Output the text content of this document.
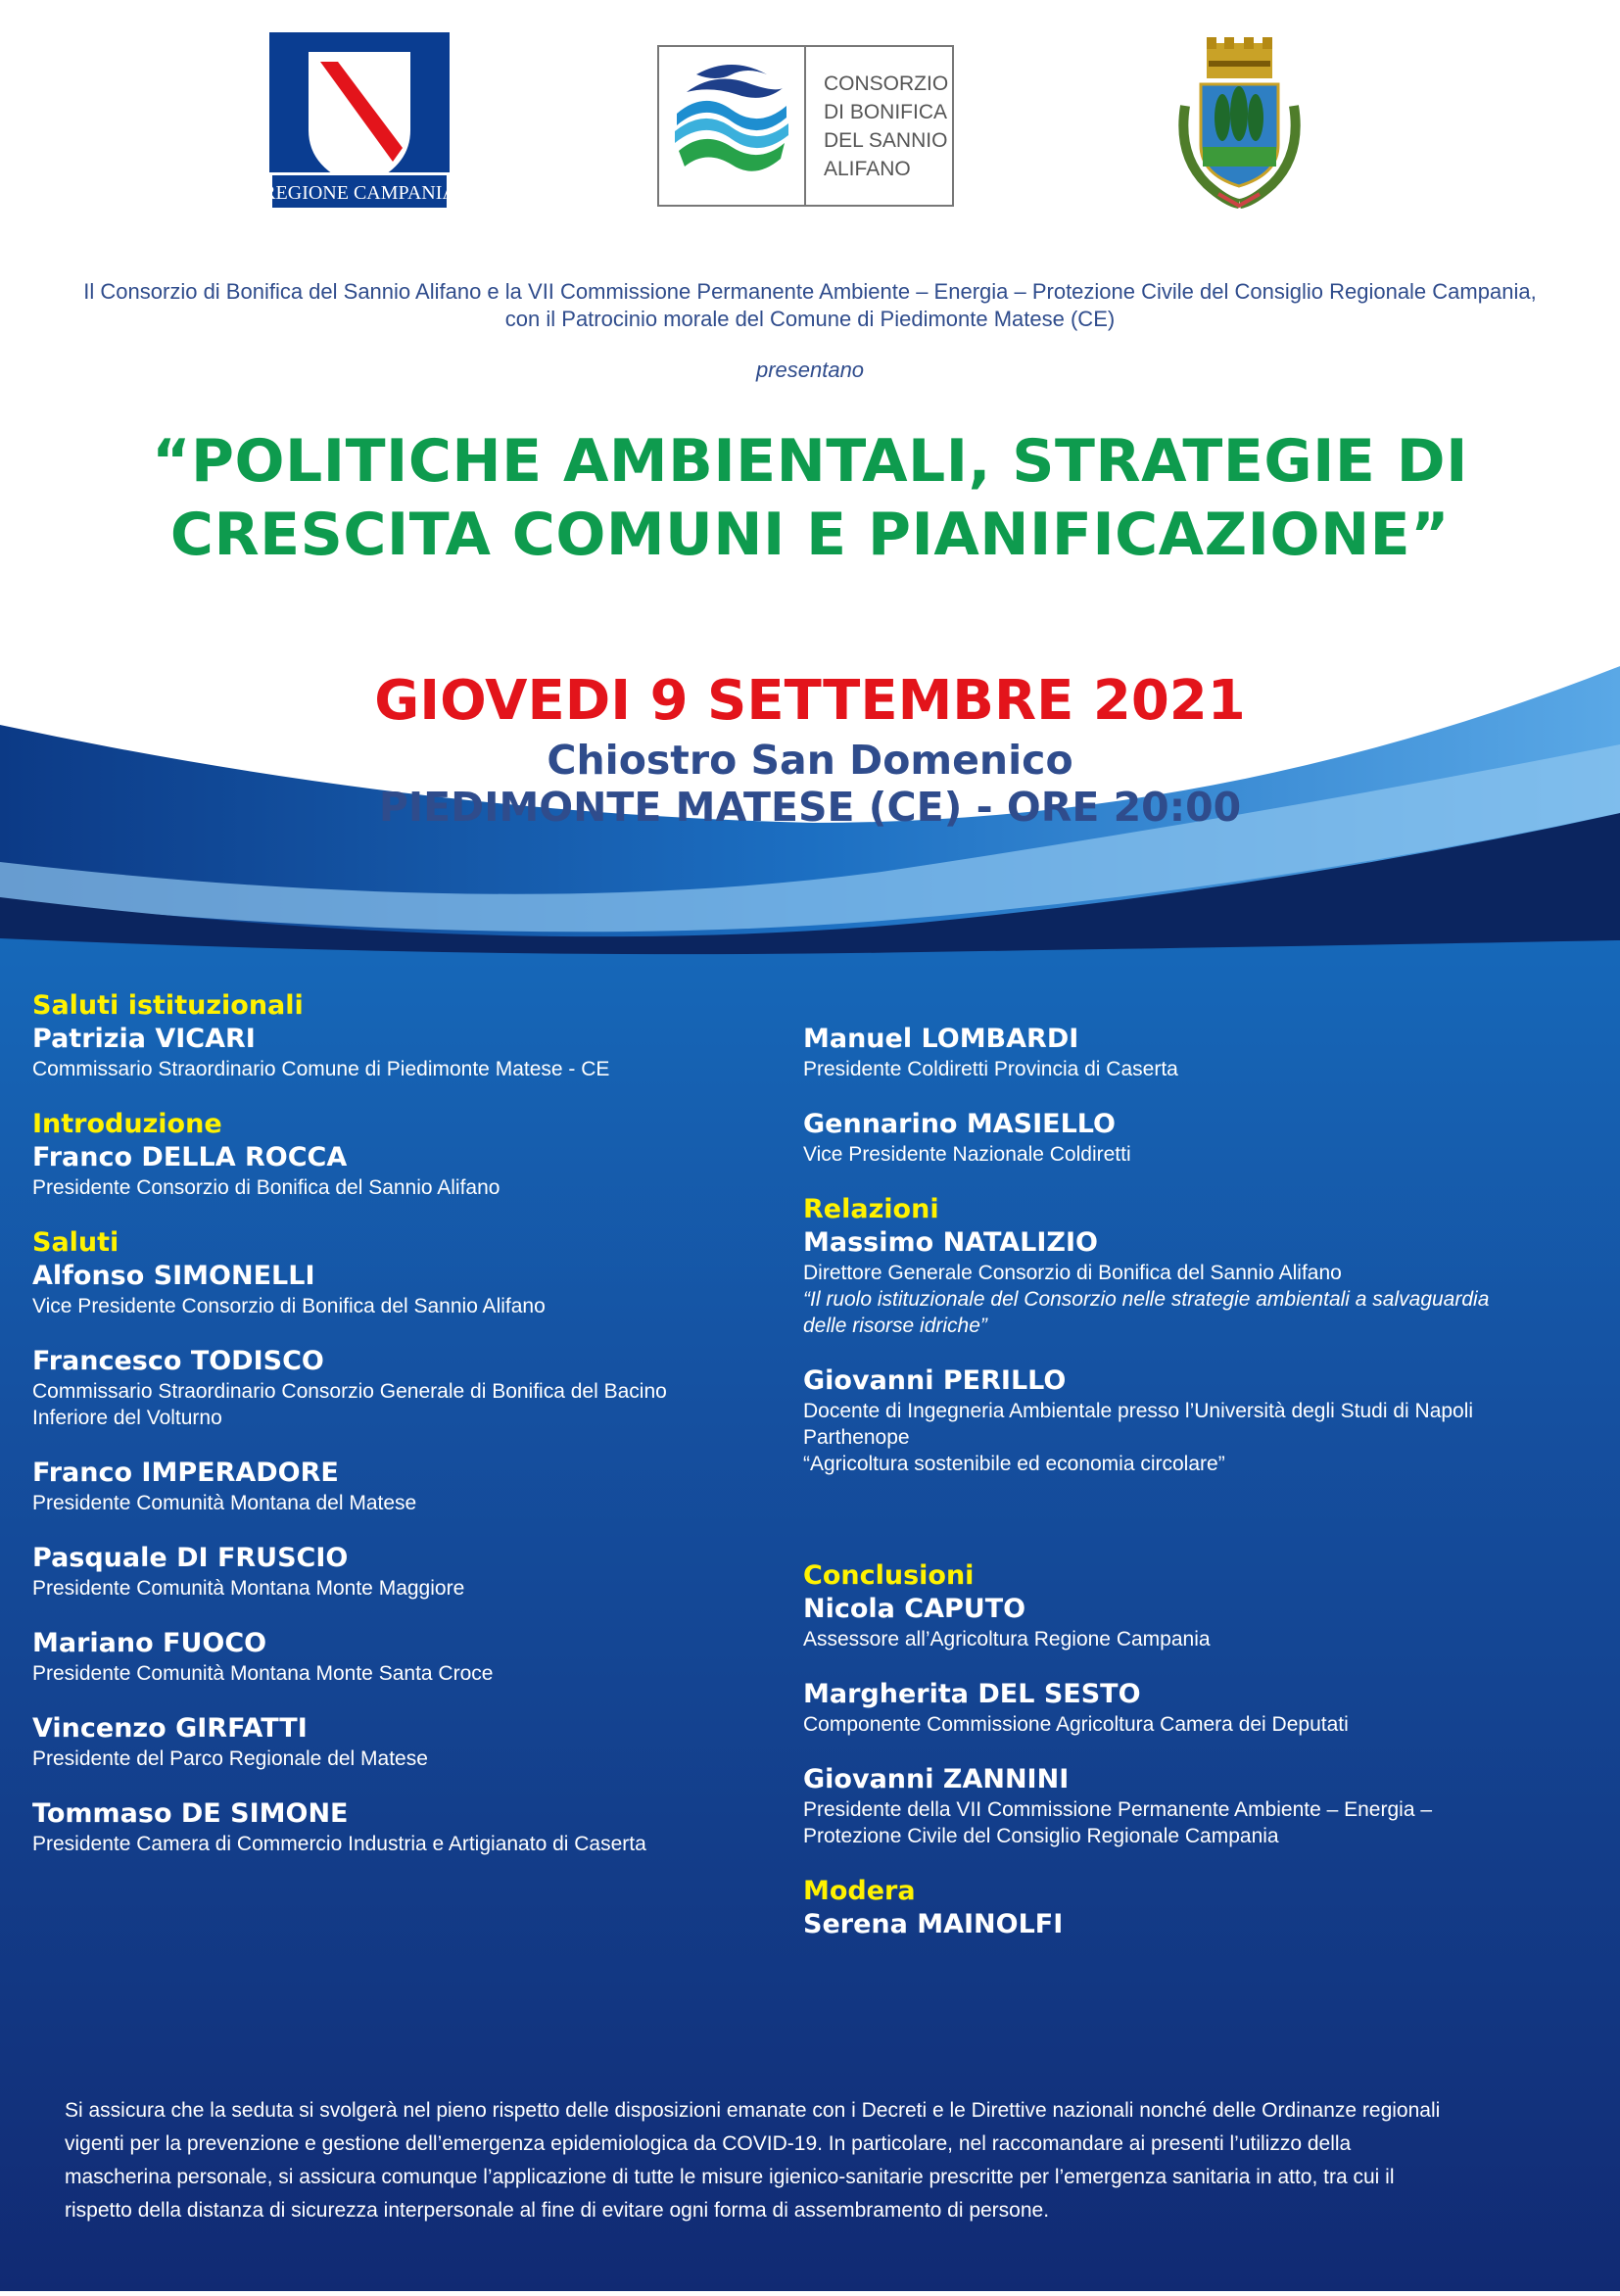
REGIONE CAMPANIA
CONSORZIO
DI BONIFICA
DEL SANNIO
ALIFANO
Il Consorzio di Bonifica del Sannio Alifano e la VII Commissione Permanente Ambiente – Energia – Protezione Civile del Consiglio Regionale Campania,
con il Patrocinio morale del Comune di Piedimonte Matese (CE)
presentano
“POLITICHE AMBIENTALI, STRATEGIE DI
CRESCITA COMUNI E PIANIFICAZIONE”
GIOVEDI 9 SETTEMBRE 2021
Chiostro San Domenico
PIEDIMONTE MATESE (CE) - ORE 20:00
Saluti istituzionali
Patrizia VICARI
Commissario Straordinario Comune di Piedimonte Matese - CE
Introduzione
Franco DELLA ROCCA
Presidente Consorzio di Bonifica del Sannio Alifano
Saluti
Alfonso SIMONELLI
Vice Presidente Consorzio di Bonifica del Sannio Alifano
Francesco TODISCO
Commissario Straordinario Consorzio Generale di Bonifica del Bacino
Inferiore del Volturno
Franco IMPERADORE
Presidente Comunità Montana del Matese
Pasquale DI FRUSCIO
Presidente Comunità Montana Monte Maggiore
Mariano FUOCO
Presidente Comunità Montana Monte Santa Croce
Vincenzo GIRFATTI
Presidente del Parco Regionale del Matese
Tommaso DE SIMONE
Presidente Camera di Commercio Industria e Artigianato di Caserta
Manuel LOMBARDI
Presidente Coldiretti Provincia di Caserta
Gennarino MASIELLO
Vice Presidente Nazionale Coldiretti
Relazioni
Massimo NATALIZIO
Direttore Generale Consorzio di Bonifica del Sannio Alifano
“Il ruolo istituzionale del Consorzio nelle strategie ambientali a salvaguardia
delle risorse idriche”
Giovanni PERILLO
Docente di Ingegneria Ambientale presso l’Università degli Studi di Napoli
Parthenope
“Agricoltura sostenibile ed economia circolare”
Conclusioni
Nicola CAPUTO
Assessore all’Agricoltura Regione Campania
Margherita DEL SESTO
Componente Commissione Agricoltura Camera dei Deputati
Giovanni ZANNINI
Presidente della VII Commissione Permanente Ambiente – Energia –
Protezione Civile del Consiglio Regionale Campania
Modera
Serena MAINOLFI
Si assicura che la seduta si svolgerà nel pieno rispetto delle disposizioni emanate con i Decreti e le Direttive nazionali nonché delle Ordinanze regionali
vigenti per la prevenzione e gestione dell’emergenza epidemiologica da COVID-19. In particolare, nel raccomandare ai presenti l’utilizzo della
mascherina personale, si assicura comunque l’applicazione di tutte le misure igienico-sanitarie prescritte per l’emergenza sanitaria in atto, tra cui il
rispetto della distanza di sicurezza interpersonale al fine di evitare ogni forma di assembramento di persone.
